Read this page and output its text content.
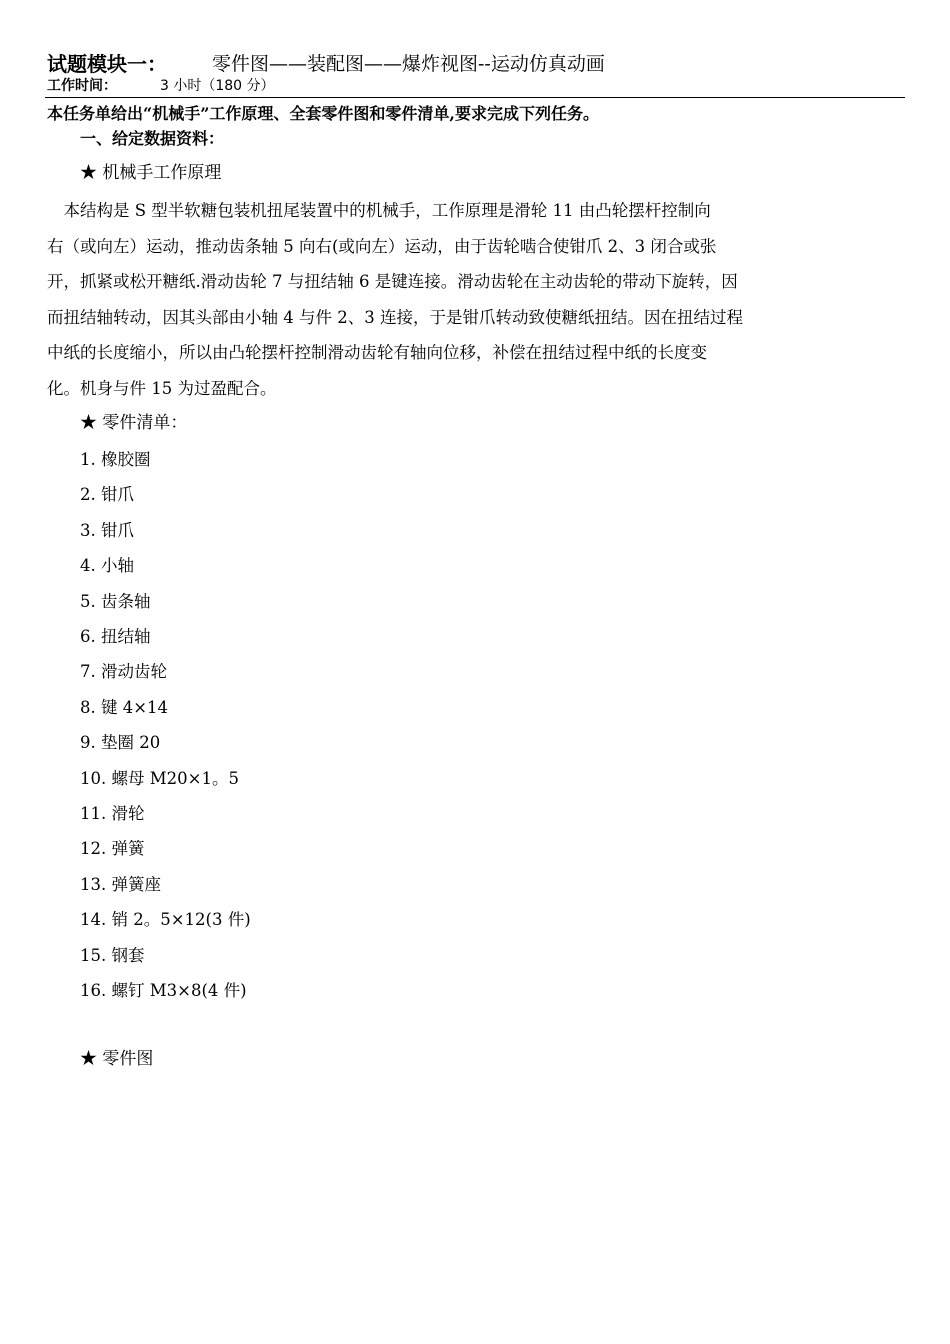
试题模块一： 零件图——装配图——爆炸视图--运动仿真动画
工作时间：	3 小时（180 分）
本任务单给出“机械手”工作原理、全套零件图和零件清单,要求完成下列任务。
一、给定数据资料：
★ 机械手工作原理
　本结构是 S 型半软糖包装机扭尾装置中的机械手，工作原理是滑轮 11 由凸轮摆杆控制向
右（或向左）运动，推动齿条轴 5 向右(或向左）运动，由于齿轮啮合使钳爪 2、3 闭合或张
开，抓紧或松开糖纸.滑动齿轮 7 与扭结轴 6 是键连接。滑动齿轮在主动齿轮的带动下旋转，因
而扭结轴转动，因其头部由小轴 4 与件 2、3 连接，于是钳爪转动致使糖纸扭结。因在扭结过程
中纸的长度缩小，所以由凸轮摆杆控制滑动齿轮有轴向位移，补偿在扭结过程中纸的长度变
化。机身与件 15 为过盈配合。
★ 零件清单：
1. 橡胶圈
2. 钳爪
3. 钳爪
4. 小轴
5. 齿条轴
6. 扭结轴
7. 滑动齿轮
8. 键 4×14
9. 垫圈 20
10. 螺母 M20×1。5
11. 滑轮
12. 弹簧
13. 弹簧座
14. 销 2。5×12(3 件)
15. 钢套
16. 螺钉 M3×8(4 件)
★ 零件图
